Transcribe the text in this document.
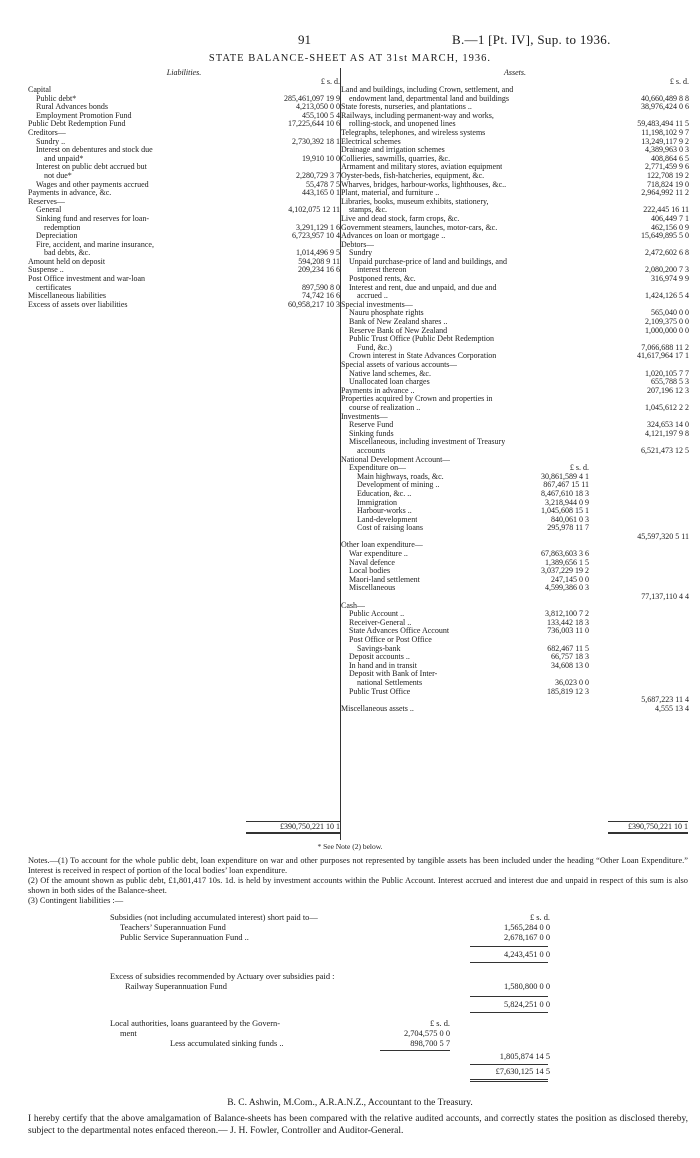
91	B.—1 [Pt. IV], Sup. to 1936.
STATE BALANCE-SHEET AS AT 31st MARCH, 1936.
Liabilities.
£ s. d.
Capital
Public debt*	285,461,097 19 9
Rural Advances bonds	4,213,050 0 0
Employment Promotion Fund	455,100 5 4
Public Debt Redemption Fund	17,225,644 10 6
Creditors—
Sundry ..	2,730,392 18 1
Interest on debentures and stock due
and unpaid*	19,910 10 0
Interest on public debt accrued but
not due*	2,280,729 3 7
Wages and other payments accrued	55,478 7 5
Payments in advance, &c.	443,165 0 1
Reserves—
General	4,102,075 12 11
Sinking fund and reserves for loan-
redemption	3,291,129 1 6
Depreciation	6,723,957 10 4
Fire, accident, and marine insurance,
bad debts, &c.	1,014,496 9 5
Amount held on deposit	594,208 9 11
Suspense ..	209,234 16 6
Post Office investment and war-loan
certificates	897,590 8 0
Miscellaneous liabilities	74,742 16 6
Excess of assets over liabilities	60,958,217 10 3
Assets.
£ s. d.
Land and buildings, including Crown, settlement, and
endowment land, departmental land and buildings	40,660,489 8 8
State forests, nurseries, and plantations ..	38,976,424 0 6
Railways, including permanent-way and works,
rolling-stock, and unopened lines	59,483,494 11 5
Telegraphs, telephones, and wireless systems	11,198,102 9 7
Electrical schemes	13,249,117 9 2
Drainage and irrigation schemes	4,389,963 0 3
Collieries, sawmills, quarries, &c.	408,864 6 5
Armament and military stores, aviation equipment	2,771,459 9 6
Oyster-beds, fish-hatcheries, equipment, &c.	122,708 19 2
Wharves, bridges, harbour-works, lighthouses, &c..	718,824 19 0
Plant, material, and furniture ..	2,964,992 11 2
Libraries, books, museum exhibits, stationery,
stamps, &c.	222,445 16 11
Live and dead stock, farm crops, &c.	406,449 7 1
Government steamers, launches, motor-cars, &c.	462,156 0 9
Advances on loan or mortgage ..	15,649,895 5 0
Debtors—
Sundry	2,472,602 6 8
Unpaid purchase-price of land and buildings, and
interest thereon	2,080,200 7 3
Postponed rents, &c.	316,974 9 9
Interest and rent, due and unpaid, and due and
accrued ..	1,424,126 5 4
Special investments—
Nauru phosphate rights	565,040 0 0
Bank of New Zealand shares ..	2,109,375 0 0
Reserve Bank of New Zealand	1,000,000 0 0
Public Trust Office (Public Debt Redemption
Fund, &c.)	7,066,688 11 2
Crown interest in State Advances Corporation	41,617,964 17 1
Special assets of various accounts—
Native land schemes, &c.	1,020,105 7 7
Unallocated loan charges	655,788 5 3
Payments in advance ..	207,196 12 3
Properties acquired by Crown and properties in
course of realization ..	1,045,612 2 2
Investments—
Reserve Fund	324,653 14 0
Sinking funds	4,121,197 9 8
Miscellaneous, including investment of Treasury
accounts	6,521,473 12 5
National Development Account—
Expenditure on—	£ s. d.
Main highways, roads, &c.	30,861,589 4 1
Development of mining ..	867,467 15 11
Education, &c. ..	8,467,610 18 3
Immigration	3,218,944 0 9
Harbour-works ..	1,045,608 15 1
Land-development	840,061 0 3
Cost of raising loans	295,978 11 7
45,597,320 5 11
Other loan expenditure—
War expenditure ..	67,863,603 3 6
Naval defence	1,389,656 1 5
Local bodies	3,037,229 19 2
Maori-land settlement	247,145 0 0
Miscellaneous	4,599,386 0 3
77,137,110 4 4
Cash—
Public Account ..	3,812,100 7 2
Receiver-General ..	133,442 18 3
State Advances Office Account	736,003 11 0
Post Office or Post Office
Savings-bank	682,467 11 5
Deposit accounts ..	66,757 18 3
In hand and in transit	34,608 13 0
Deposit with Bank of Inter-
national Settlements	36,023 0 0
Public Trust Office	185,819 12 3
5,687,223 11 4
Miscellaneous assets ..	4,555 13 4
£390,750,221 10 1	£390,750,221 10 1
* See Note (2) below.

Notes.—(1) To account for the whole public debt, loan expenditure on war and other purposes not represented by tangible assets has been included under the heading “Other Loan Expenditure.” Interest is received in respect of portion of the local bodies’ loan expenditure.

(2) Of the amount shown as public debt, £1,801,417 10s. 1d. is held by investment accounts within the Public Account. Interest accrued and interest due and unpaid in respect of this sum is also shown in both sides of the Balance-sheet.

(3) Contingent liabilities :—

Subsidies (not including accumulated interest) short paid to—	£ s. d.
Teachers’ Superannuation Fund	1,565,284 0 0
Public Service Superannuation Fund ..	2,678,167 0 0
4,243,451 0 0
Excess of subsidies recommended by Actuary over subsidies paid :
Railway Superannuation Fund	1,580,800 0 0
5,824,251 0 0
Local authorities, loans guaranteed by the Govern-	£ s. d.
ment	2,704,575 0 0
Less accumulated sinking funds ..	898,700 5 7
1,805,874 14 5
£7,630,125 14 5
B. C. Ashwin, M.Com., A.R.A.N.Z., Accountant to the Treasury.
I hereby certify that the above amalgamation of Balance-sheets has been compared with the relative audited accounts, and correctly states the position as disclosed thereby, subject to the departmental notes enfaced thereon.— J. H. Fowler, Controller and Auditor-General.
